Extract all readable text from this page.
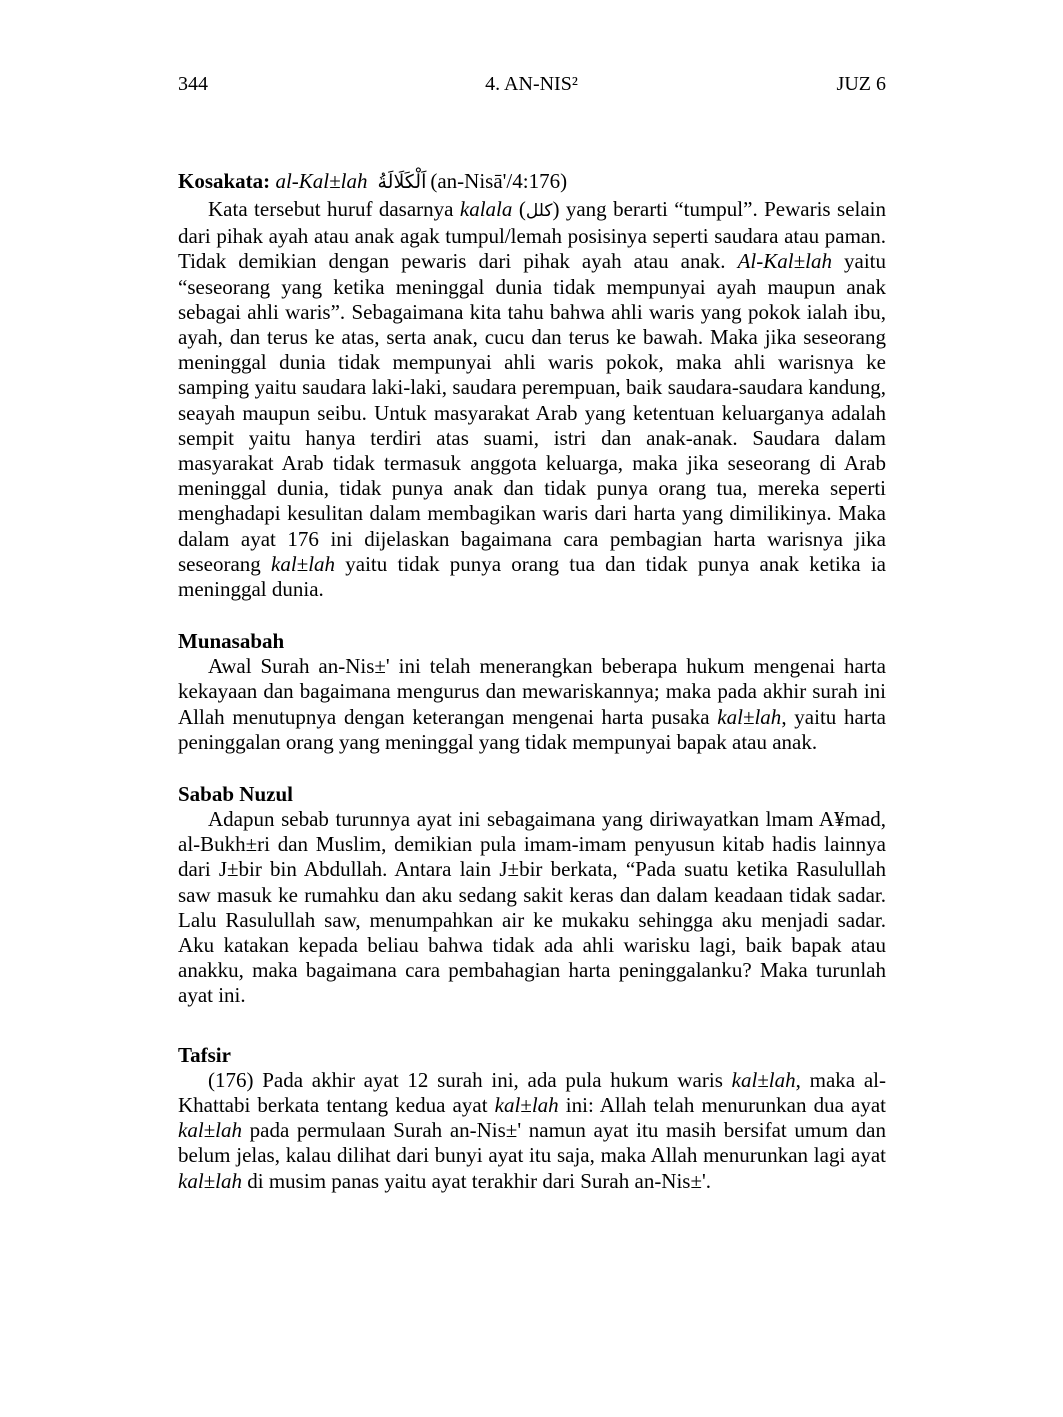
344	4. AN-NIS²	JUZ 6
Kosakata: al-Kal±lah اَلْكَلَالَةُ (an-Nisā'/4:176)

Kata tersebut huruf dasarnya kalala (كلل) yang berarti “tumpul”. Pewaris selain dari pihak ayah atau anak agak tumpul/lemah posisinya seperti saudara atau paman. Tidak demikian dengan pewaris dari pihak ayah atau anak. Al-Kal±lah yaitu “seseorang yang ketika meninggal dunia tidak mempunyai ayah maupun anak sebagai ahli waris”. Sebagaimana kita tahu bahwa ahli waris yang pokok ialah ibu, ayah, dan terus ke atas, serta anak, cucu dan terus ke bawah. Maka jika seseorang meninggal dunia tidak mempunyai ahli waris pokok, maka ahli warisnya ke samping yaitu saudara laki-laki, saudara perempuan, baik saudara-saudara kandung, seayah maupun seibu. Untuk masyarakat Arab yang ketentuan keluarganya adalah sempit yaitu hanya terdiri atas suami, istri dan anak-anak. Saudara dalam masyarakat Arab tidak termasuk anggota keluarga, maka jika seseorang di Arab meninggal dunia, tidak punya anak dan tidak punya orang tua, mereka seperti menghadapi kesulitan dalam membagikan waris dari harta yang dimilikinya. Maka dalam ayat 176 ini dijelaskan bagaimana cara pembagian harta warisnya jika seseorang kal±lah yaitu tidak punya orang tua dan tidak punya anak ketika ia meninggal dunia.

Munasabah

Awal Surah an-Nis±' ini telah menerangkan beberapa hukum mengenai harta kekayaan dan bagaimana mengurus dan mewariskannya; maka pada akhir surah ini Allah menutupnya dengan keterangan mengenai harta pusaka kal±lah, yaitu harta peninggalan orang yang meninggal yang tidak mempunyai bapak atau anak.

Sabab Nuzul

Adapun sebab turunnya ayat ini sebagaimana yang diriwayatkan lmam A¥mad, al-Bukh±ri dan Muslim, demikian pula imam-imam penyusun kitab hadis lainnya dari J±bir bin Abdullah. Antara lain J±bir berkata, “Pada suatu ketika Rasulullah saw masuk ke rumahku dan aku sedang sakit keras dan dalam keadaan tidak sadar. Lalu Rasulullah saw, menumpahkan air ke mukaku sehingga aku menjadi sadar. Aku katakan kepada beliau bahwa tidak ada ahli warisku lagi, baik bapak atau anakku, maka bagaimana cara pembahagian harta peninggalanku? Maka turunlah ayat ini.

Tafsir

(176) Pada akhir ayat 12 surah ini, ada pula hukum waris kal±lah, maka al-Khattabi berkata tentang kedua ayat kal±lah ini: Allah telah menurunkan dua ayat kal±lah pada permulaan Surah an-Nis±' namun ayat itu masih bersifat umum dan belum jelas, kalau dilihat dari bunyi ayat itu saja, maka Allah menurunkan lagi ayat kal±lah di musim panas yaitu ayat terakhir dari Surah an-Nis±'.
